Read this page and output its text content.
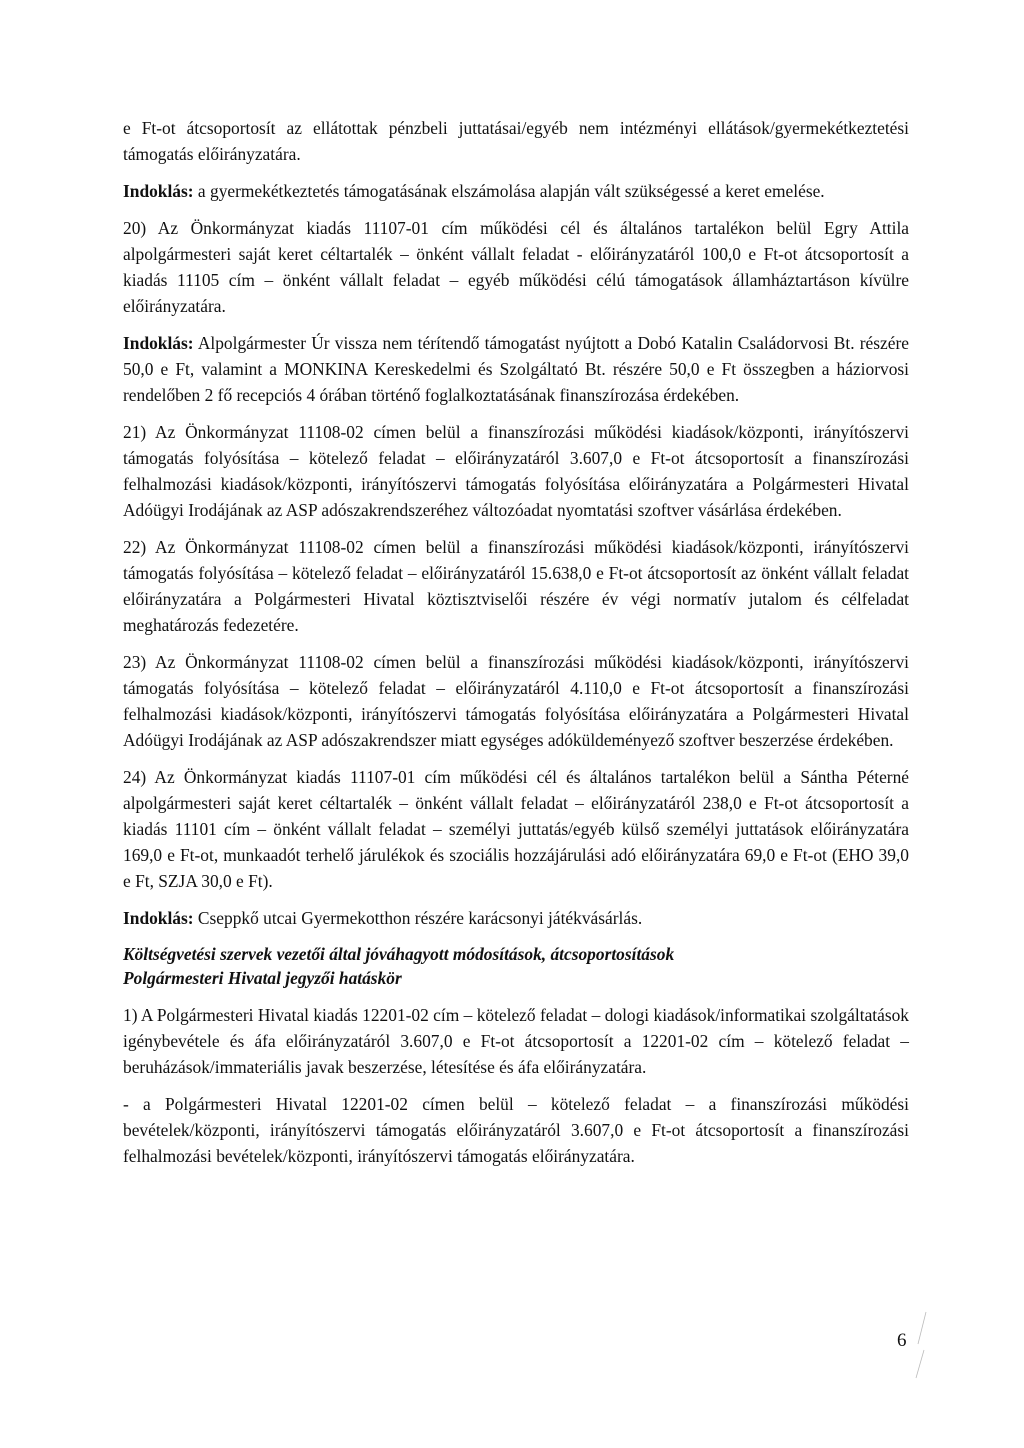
e Ft-ot átcsoportosít az ellátottak pénzbeli juttatásai/egyéb nem intézményi ellátások/gyermekétkeztetési támogatás előirányzatára.

Indoklás: a gyermekétkeztetés támogatásának elszámolása alapján vált szükségessé a keret emelése.

20) Az Önkormányzat kiadás 11107-01 cím működési cél és általános tartalékon belül Egry Attila alpolgármesteri saját keret céltartalék – önként vállalt feladat - előirányzatáról 100,0 e Ft-ot átcsoportosít a kiadás 11105 cím – önként vállalt feladat – egyéb működési célú támogatások államháztartáson kívülre előirányzatára.

Indoklás: Alpolgármester Úr vissza nem térítendő támogatást nyújtott a Dobó Katalin Családorvosi Bt. részére 50,0 e Ft, valamint a MONKINA Kereskedelmi és Szolgáltató Bt. részére 50,0 e Ft összegben a háziorvosi rendelőben 2 fő recepciós 4 órában történő foglalkoztatásának finanszírozása érdekében.

21) Az Önkormányzat 11108-02 címen belül a finanszírozási működési kiadások/központi, irányítószervi támogatás folyósítása – kötelező feladat – előirányzatáról 3.607,0 e Ft-ot átcsoportosít a finanszírozási felhalmozási kiadások/központi, irányítószervi támogatás folyósítása előirányzatára a Polgármesteri Hivatal Adóügyi Irodájának az ASP adószakrendszeréhez változóadat nyomtatási szoftver vásárlása érdekében.

22) Az Önkormányzat 11108-02 címen belül a finanszírozási működési kiadások/központi, irányítószervi támogatás folyósítása – kötelező feladat – előirányzatáról 15.638,0 e Ft-ot átcsoportosít az önként vállalt feladat előirányzatára a Polgármesteri Hivatal köztisztviselői részére év végi normatív jutalom és célfeladat meghatározás fedezetére.

23) Az Önkormányzat 11108-02 címen belül a finanszírozási működési kiadások/központi, irányítószervi támogatás folyósítása – kötelező feladat – előirányzatáról 4.110,0 e Ft-ot átcsoportosít a finanszírozási felhalmozási kiadások/központi, irányítószervi támogatás folyósítása előirányzatára a Polgármesteri Hivatal Adóügyi Irodájának az ASP adószakrendszer miatt egységes adóküldeményező szoftver beszerzése érdekében.

24) Az Önkormányzat kiadás 11107-01 cím működési cél és általános tartalékon belül a Sántha Péterné alpolgármesteri saját keret céltartalék – önként vállalt feladat – előirányzatáról 238,0 e Ft-ot átcsoportosít a kiadás 11101 cím – önként vállalt feladat – személyi juttatás/egyéb külső személyi juttatások előirányzatára 169,0 e Ft-ot, munkaadót terhelő járulékok és szociális hozzájárulási adó előirányzatára 69,0 e Ft-ot (EHO 39,0 e Ft, SZJA 30,0 e Ft).

Indoklás: Cseppkő utcai Gyermekotthon részére karácsonyi játékvásárlás.

Költségvetési szervek vezetői által jóváhagyott módosítások, átcsoportosítások
Polgármesteri Hivatal jegyzői hatáskör

1) A Polgármesteri Hivatal kiadás 12201-02 cím – kötelező feladat – dologi kiadások/informatikai szolgáltatások igénybevétele és áfa előirányzatáról 3.607,0 e Ft-ot átcsoportosít a 12201-02 cím – kötelező feladat – beruházások/immateriális javak beszerzése, létesítése és áfa előirányzatára.

- a Polgármesteri Hivatal 12201-02 címen belül – kötelező feladat – a finanszírozási működési bevételek/központi, irányítószervi támogatás előirányzatáról 3.607,0 e Ft-ot átcsoportosít a finanszírozási felhalmozási bevételek/központi, irányítószervi támogatás előirányzatára.

6
